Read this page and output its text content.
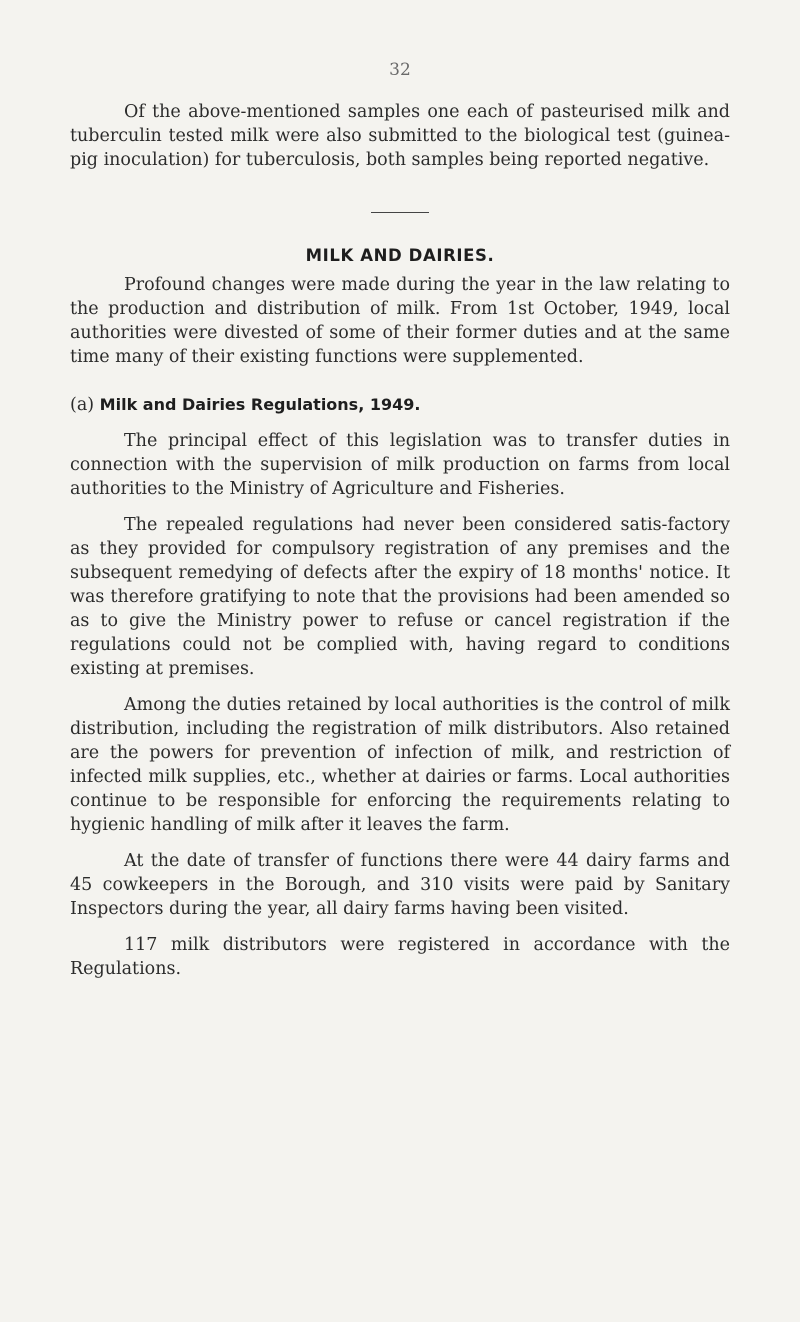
32

Of the above-mentioned samples one each of pasteurised milk and tuberculin tested milk were also submitted to the biological test (guinea-pig inoculation) for tuberculosis, both samples being reported negative.

MILK AND DAIRIES.

Profound changes were made during the year in the law relating to the production and distribution of milk. From 1st October, 1949, local authorities were divested of some of their former duties and at the same time many of their existing functions were supplemented.

(a) Milk and Dairies Regulations, 1949.

The principal effect of this legislation was to transfer duties in connection with the supervision of milk production on farms from local authorities to the Ministry of Agriculture and Fisheries.

The repealed regulations had never been considered satis-factory as they provided for compulsory registration of any premises and the subsequent remedying of defects after the expiry of 18 months' notice. It was therefore gratifying to note that the provisions had been amended so as to give the Ministry power to refuse or cancel registration if the regulations could not be complied with, having regard to conditions existing at premises.

Among the duties retained by local authorities is the control of milk distribution, including the registration of milk distributors. Also retained are the powers for prevention of infection of milk, and restriction of infected milk supplies, etc., whether at dairies or farms. Local authorities continue to be responsible for enforcing the requirements relating to hygienic handling of milk after it leaves the farm.

At the date of transfer of functions there were 44 dairy farms and 45 cowkeepers in the Borough, and 310 visits were paid by Sanitary Inspectors during the year, all dairy farms having been visited.

117 milk distributors were registered in accordance with the Regulations.
